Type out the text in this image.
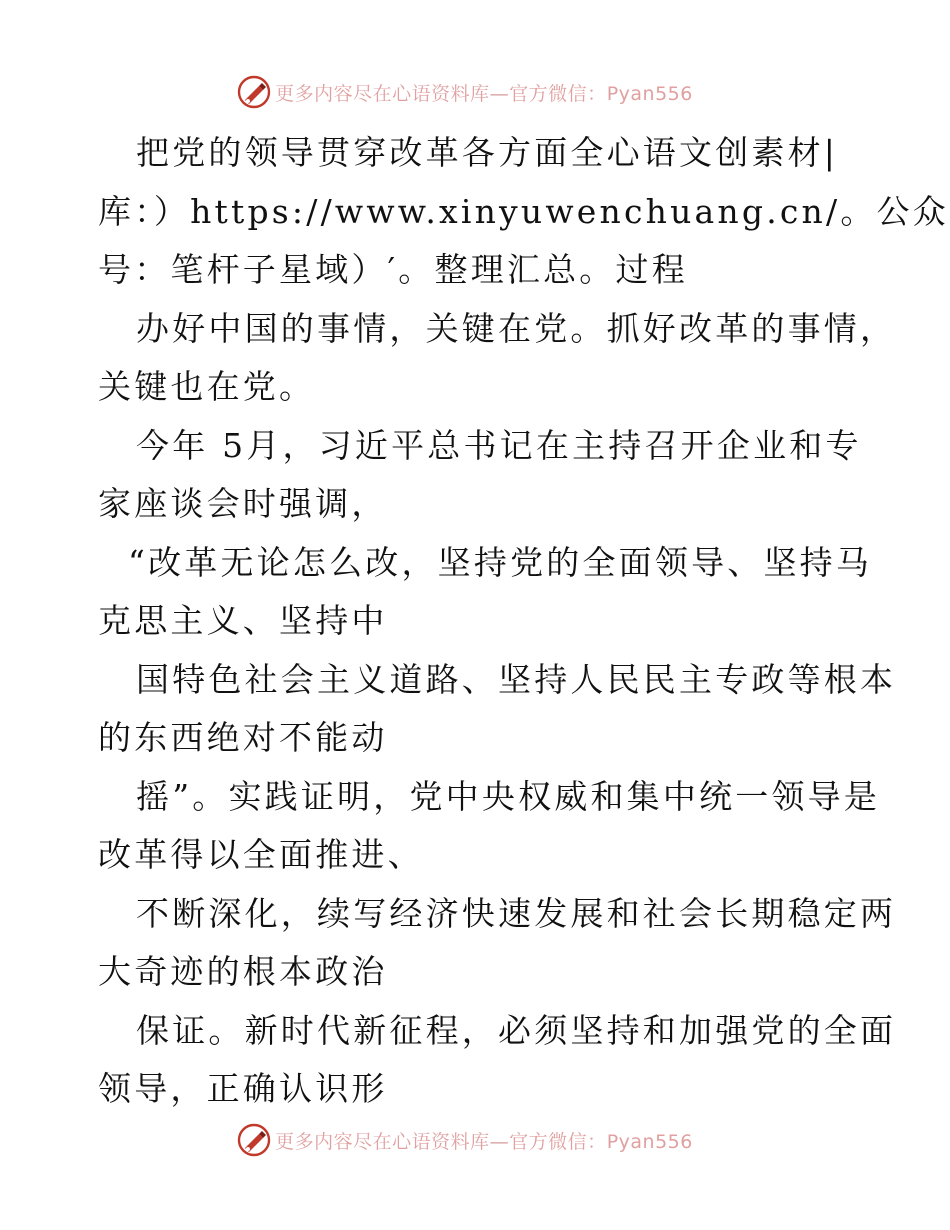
更多内容尽在心语资料库—官方微信：Pyan556
把党的领导贯穿改革各方面全心语文创素材|
库：）https://www.xinyuwenchuang.cn/。公众
号：笔杆子星域）′。整理汇总。过程
办好中国的事情，关键在党。抓好改革的事情，
关键也在党。
今年 5月，习近平总书记在主持召开企业和专
家座谈会时强调，
“改革无论怎么改，坚持党的全面领导、坚持马
克思主义、坚持中
国特色社会主义道路、坚持人民民主专政等根本
的东西绝对不能动
摇”。实践证明，党中央权威和集中统一领导是
改革得以全面推进、
不断深化，续写经济快速发展和社会长期稳定两
大奇迹的根本政治
保证。新时代新征程，必须坚持和加强党的全面
领导，正确认识形
更多内容尽在心语资料库—官方微信：Pyan556
